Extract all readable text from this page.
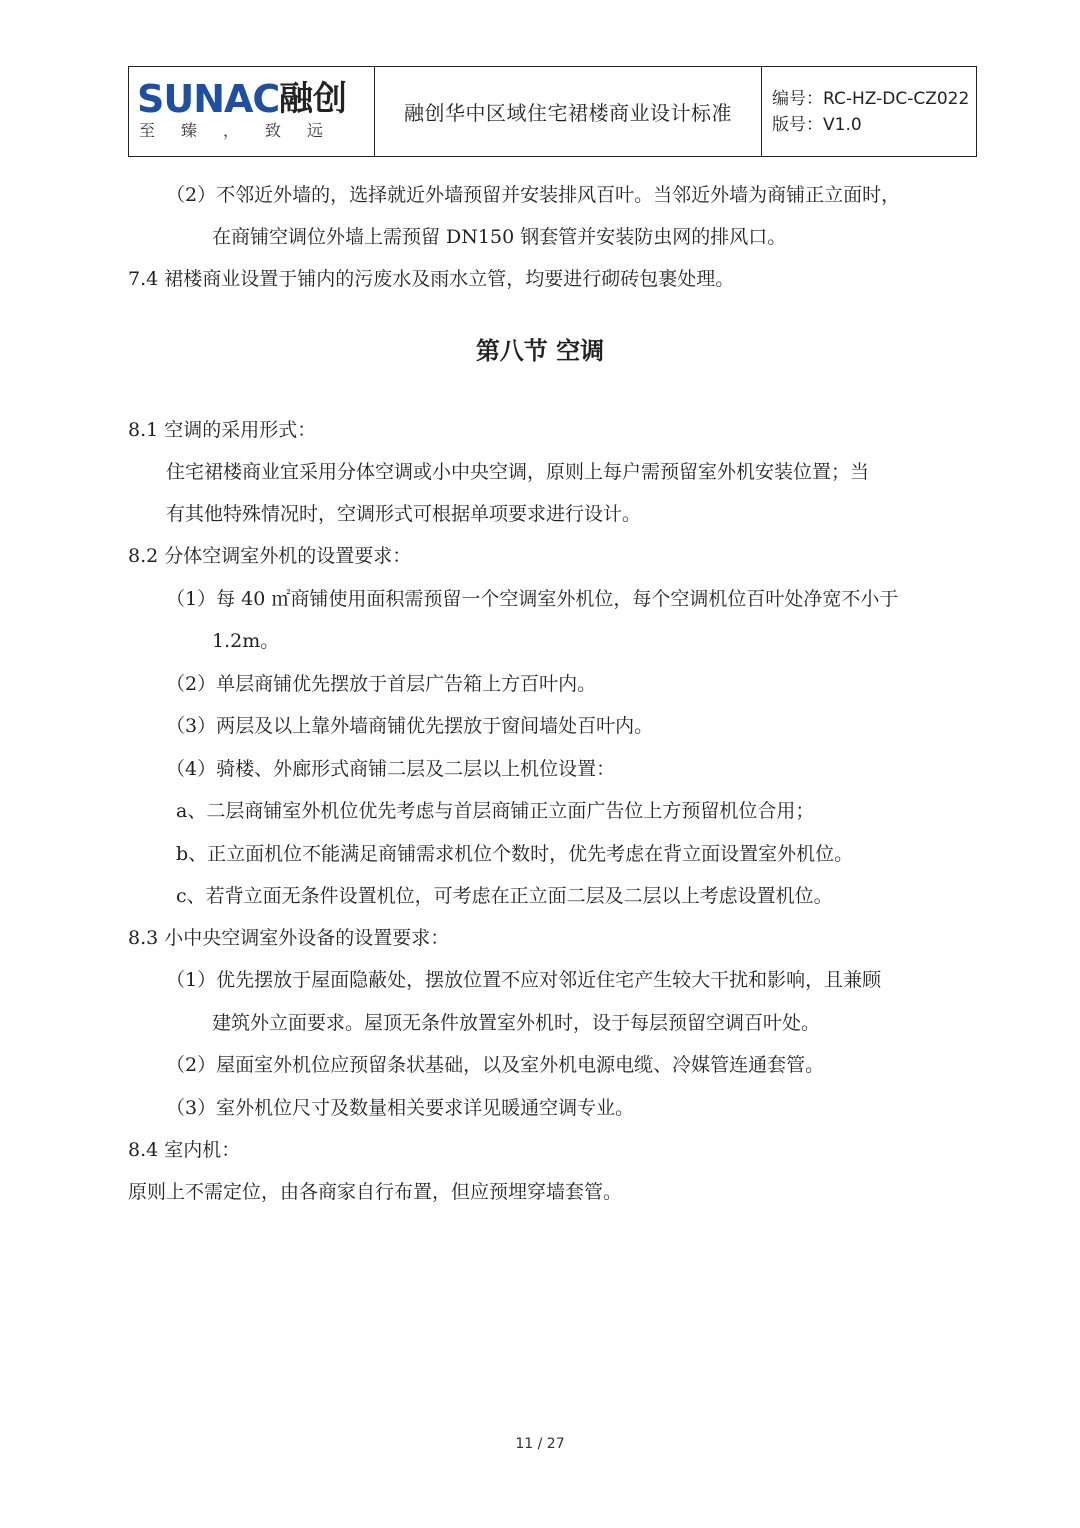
SUNAC 融创
至臻，致远
融创华中区域住宅裙楼商业设计标准
编号：RC-HZ-DC-CZ022
版号：V1.0
（2）不邻近外墙的，选择就近外墙预留并安装排风百叶。当邻近外墙为商铺正立面时，
在商铺空调位外墙上需预留 DN150 钢套管并安装防虫网的排风口。
7.4 裙楼商业设置于铺内的污废水及雨水立管，均要进行砌砖包裹处理。
第八节 空调
8.1 空调的采用形式：
住宅裙楼商业宜采用分体空调或小中央空调，原则上每户需预留室外机安装位置；当
有其他特殊情况时，空调形式可根据单项要求进行设计。
8.2 分体空调室外机的设置要求：
（1）每 40 ㎡商铺使用面积需预留一个空调室外机位，每个空调机位百叶处净宽不小于
1.2m。
（2）单层商铺优先摆放于首层广告箱上方百叶内。
（3）两层及以上靠外墙商铺优先摆放于窗间墙处百叶内。
（4）骑楼、外廊形式商铺二层及二层以上机位设置：
a、二层商铺室外机位优先考虑与首层商铺正立面广告位上方预留机位合用；
b、正立面机位不能满足商铺需求机位个数时，优先考虑在背立面设置室外机位。
c、若背立面无条件设置机位，可考虑在正立面二层及二层以上考虑设置机位。
8.3 小中央空调室外设备的设置要求：
（1）优先摆放于屋面隐蔽处，摆放位置不应对邻近住宅产生较大干扰和影响，且兼顾
建筑外立面要求。屋顶无条件放置室外机时，设于每层预留空调百叶处。
（2）屋面室外机位应预留条状基础，以及室外机电源电缆、冷媒管连通套管。
（3）室外机位尺寸及数量相关要求详见暖通空调专业。
8.4 室内机：
原则上不需定位，由各商家自行布置，但应预埋穿墙套管。
11 / 27
